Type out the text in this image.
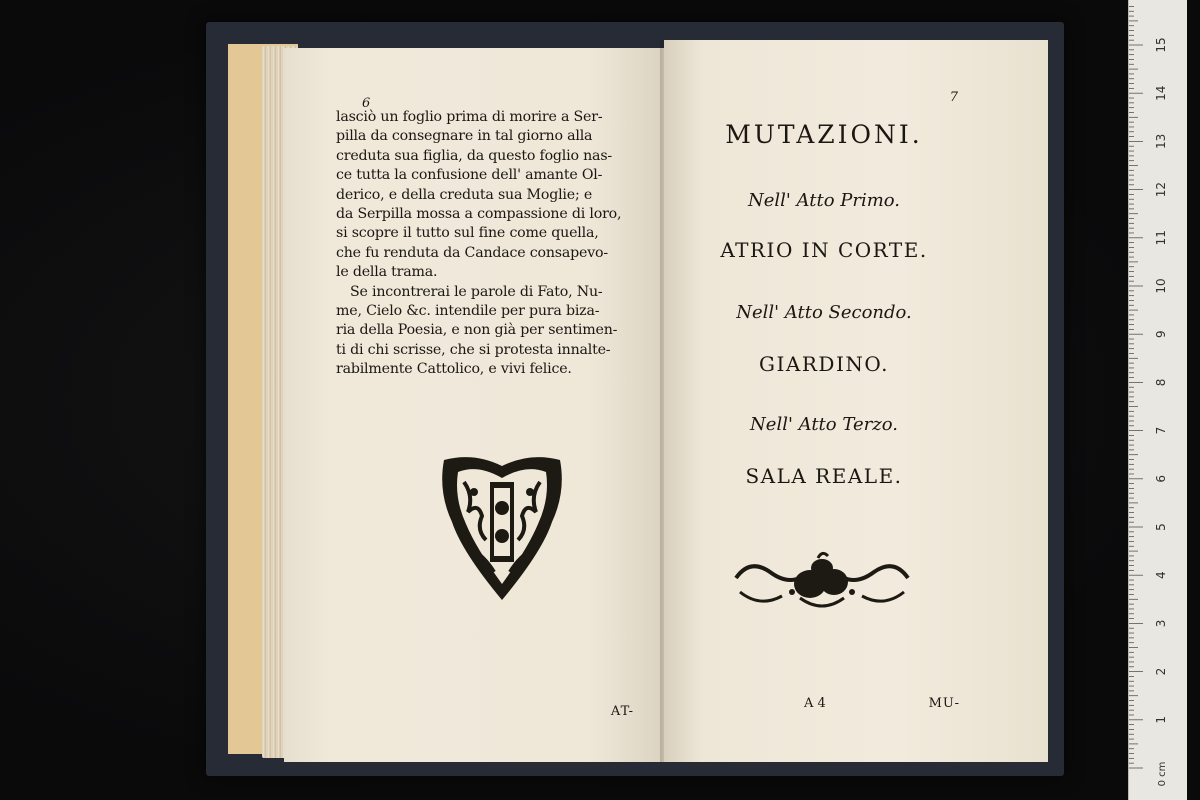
6
lasciò un foglio prima di morire a Ser-
pilla da consegnare in tal giorno alla
creduta sua figlia, da questo foglio nas-
ce tutta la confusione dell' amante Ol-
derico, e della creduta sua Moglie; e
da Serpilla mossa a compassione di loro,
si scopre il tutto sul fine come quella,
che fu renduta da Candace consapevo-
le della trama.
Se incontrerai le parole di Fato, Nu-
me, Cielo &c. intendile per pura biza-
ria della Poesia, e non già per sentimen-
ti di chi scrisse, che si protesta innalte-
rabilmente Cattolico, e vivi felice.
AT-
7
MUTAZIONI.
Nell' Atto Primo.
ATRIO IN CORTE.
Nell' Atto Secondo.
GIARDINO.
Nell' Atto Terzo.
SALA REALE.
A 4	MU-
1
2
3
4
5
6
7
8
9
10
11
12
13
14
15
0 cm
